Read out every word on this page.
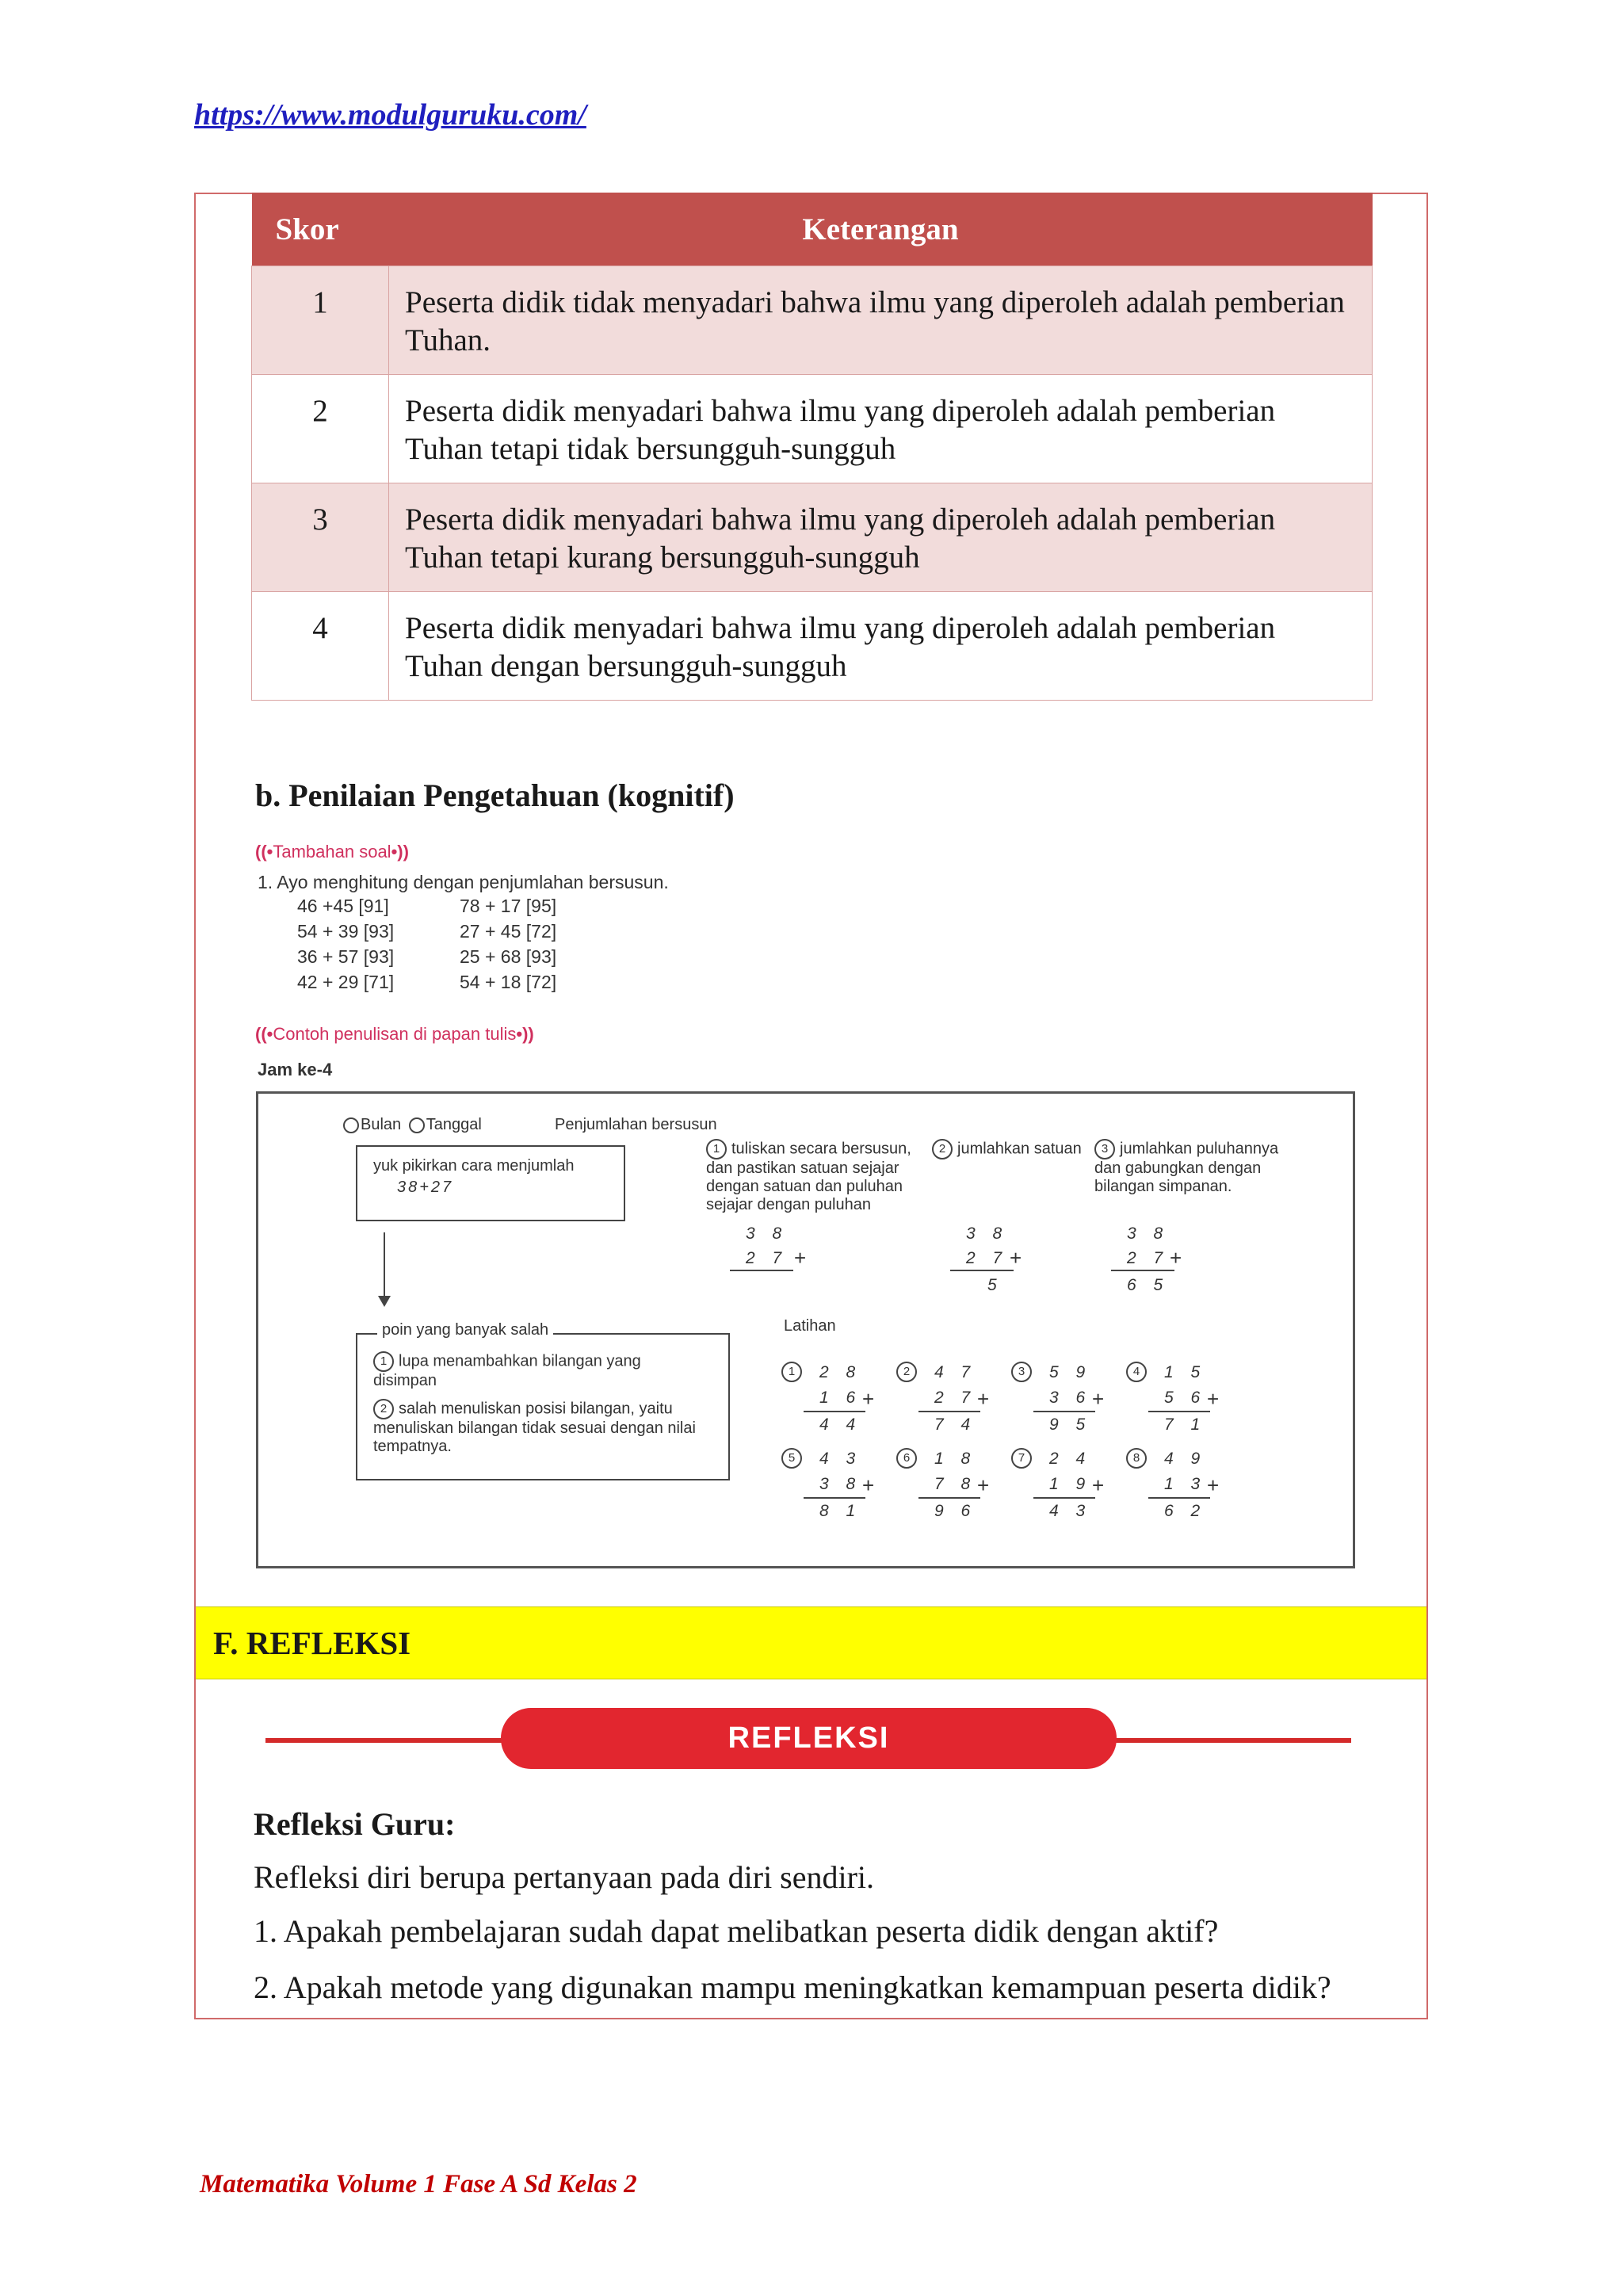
https://www.modulguruku.com/
Skor	Keterangan
1	Peserta didik tidak menyadari bahwa ilmu yang diperoleh adalah pemberian Tuhan.
2	Peserta didik menyadari bahwa ilmu yang diperoleh adalah pemberian Tuhan tetapi tidak bersungguh-sungguh
3	Peserta didik menyadari bahwa ilmu yang diperoleh adalah pemberian Tuhan tetapi kurang bersungguh-sungguh
4	Peserta didik menyadari bahwa ilmu yang diperoleh adalah pemberian Tuhan dengan bersungguh-sungguh
b. Penilaian Pengetahuan (kognitif)
((•Tambahan soal•))
1. Ayo menghitung dengan penjumlahan bersusun.
46 +45 [91]	78 + 17 [95]
54 + 39 [93]	27 + 45 [72]
36 + 57 [93]	25 + 68 [93]
42 + 29 [71]	54 + 18 [72]
((•Contoh penulisan di papan tulis•))
Jam ke-4
Bulan Tanggal	Penjumlahan bersusun
yuk pikirkan cara menjumlah
38+27
1 tuliskan secara bersusun, dan pastikan satuan sejajar dengan satuan dan puluhan sejajar dengan puluhan
2 jumlahkan satuan	3 jumlahkan puluhannya dan gabungkan dengan bilangan simpanan.
3 8
2 7 +
3 8
2 7 +
5
3 8
2 7 +
6 5
poin yang banyak salah
1 lupa menambahkan bilangan yang disimpan
2 salah menuliskan posisi bilangan, yaitu menuliskan bilangan tidak sesuai dengan nilai tempatnya.
Latihan
1	2 8
1 6 +
4 4
2	4 7
2 7 +
7 4
3	5 9
3 6 +
9 5
4	1 5
5 6 +
7 1
5	4 3
3 8 +
8 1
6	1 8
7 8 +
9 6
7	2 4
1 9 +
4 3
8	4 9
1 3 +
6 2
F. REFLEKSI
REFLEKSI
Refleksi Guru:
Refleksi diri berupa pertanyaan pada diri sendiri.
1. Apakah pembelajaran sudah dapat melibatkan peserta didik dengan aktif?
2. Apakah metode yang digunakan mampu meningkatkan kemampuan peserta didik?
Matematika Volume 1 Fase A Sd Kelas 2
